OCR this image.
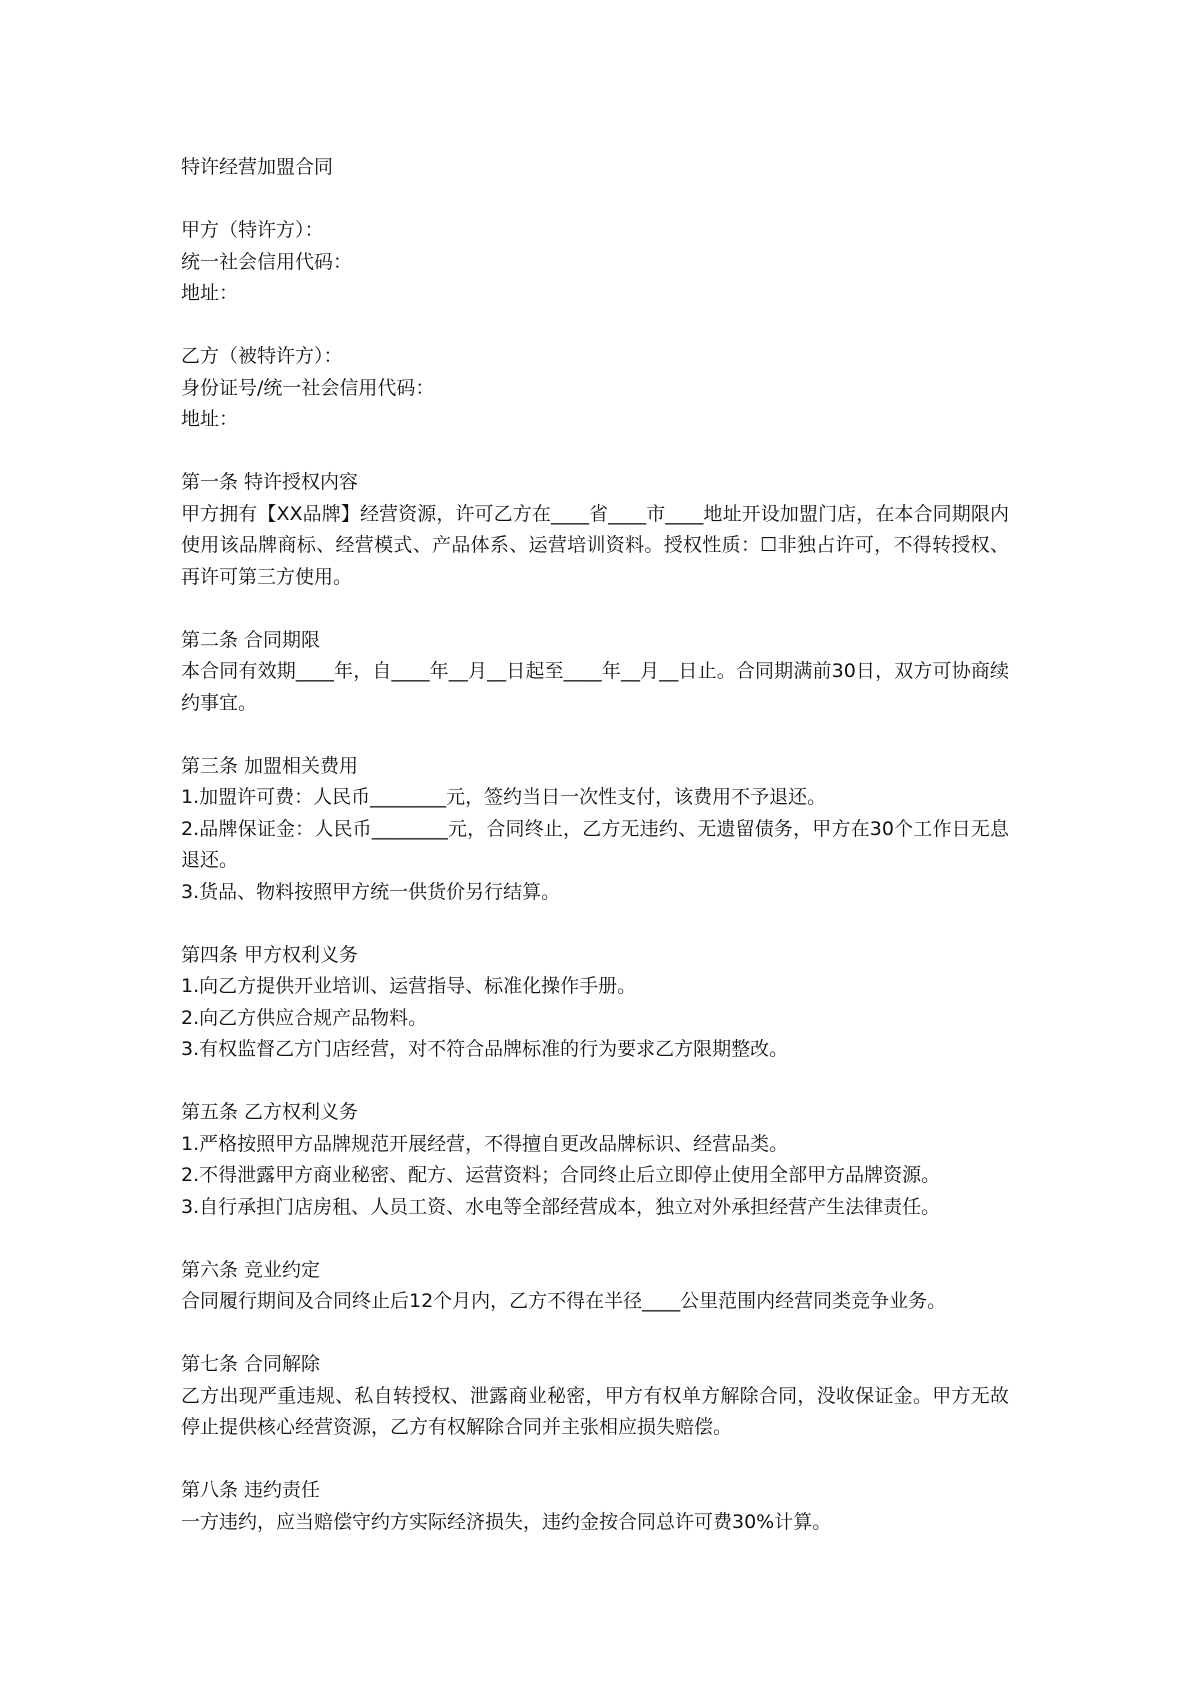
特许经营加盟合同
甲方（特许方）：
统一社会信用代码：
地址：
乙方（被特许方）：
身份证号/统一社会信用代码：
地址：
第一条 特许授权内容
甲方拥有【XX品牌】经营资源，许可乙方在____省____市____地址开设加盟门店，在本合同期限内使用该品牌商标、经营模式、产品体系、运营培训资料。授权性质：☐非独占许可，不得转授权、再许可第三方使用。
第二条 合同期限
本合同有效期____年，自____年__月__日起至____年__月__日止。合同期满前30日，双方可协商续约事宜。
第三条 加盟相关费用
1.加盟许可费：人民币________元，签约当日一次性支付，该费用不予退还。
2.品牌保证金：人民币________元，合同终止，乙方无违约、无遗留债务，甲方在30个工作日无息退还。
3.货品、物料按照甲方统一供货价另行结算。
第四条 甲方权利义务
1.向乙方提供开业培训、运营指导、标准化操作手册。
2.向乙方供应合规产品物料。
3.有权监督乙方门店经营，对不符合品牌标准的行为要求乙方限期整改。
第五条 乙方权利义务
1.严格按照甲方品牌规范开展经营，不得擅自更改品牌标识、经营品类。
2.不得泄露甲方商业秘密、配方、运营资料；合同终止后立即停止使用全部甲方品牌资源。
3.自行承担门店房租、人员工资、水电等全部经营成本，独立对外承担经营产生法律责任。
第六条 竞业约定
合同履行期间及合同终止后12个月内，乙方不得在半径____公里范围内经营同类竞争业务。
第七条 合同解除
乙方出现严重违规、私自转授权、泄露商业秘密，甲方有权单方解除合同，没收保证金。甲方无故停止提供核心经营资源，乙方有权解除合同并主张相应损失赔偿。
第八条 违约责任
一方违约，应当赔偿守约方实际经济损失，违约金按合同总许可费30%计算。
